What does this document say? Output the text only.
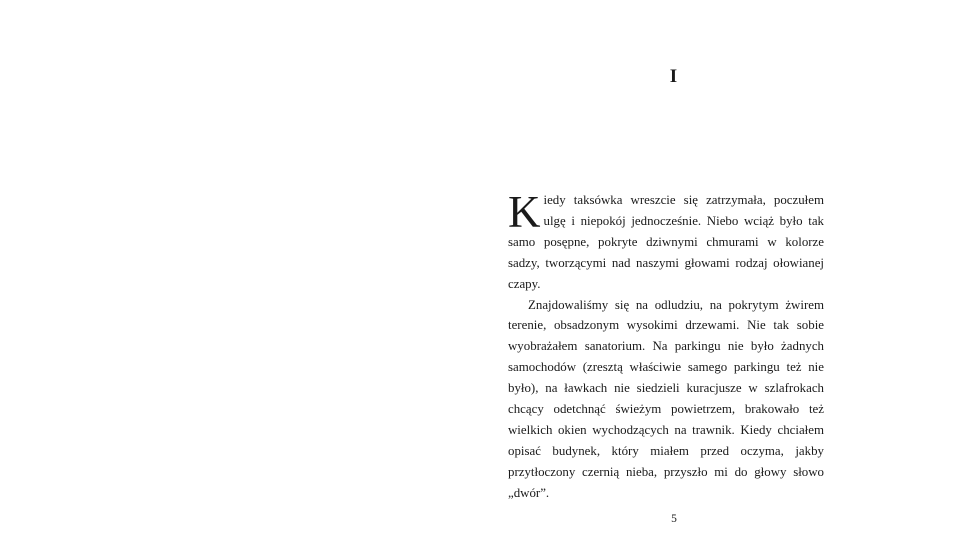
I

Kiedy taksówka wreszcie się zatrzymała, poczułem ulgę i niepokój jednocześnie. Niebo wciąż było tak samo posępne, pokryte dziwnymi chmurami w kolorze sadzy, tworzącymi nad naszymi głowami rodzaj ołowianej czapy.

Znajdowaliśmy się na odludziu, na pokrytym żwirem terenie, obsadzonym wysokimi drzewami. Nie tak sobie wyobrażałem sanatorium. Na parkingu nie było żadnych samochodów (zresztą właściwie samego parkingu też nie było), na ławkach nie siedzieli kuracjusze w szlafrokach chcący odetchnąć świeżym powietrzem, brakowało też wielkich okien wychodzących na trawnik. Kiedy chciałem opisać budynek, który miałem przed oczyma, jakby przytłoczony czernią nieba, przyszło mi do głowy słowo „dwór”.

5
